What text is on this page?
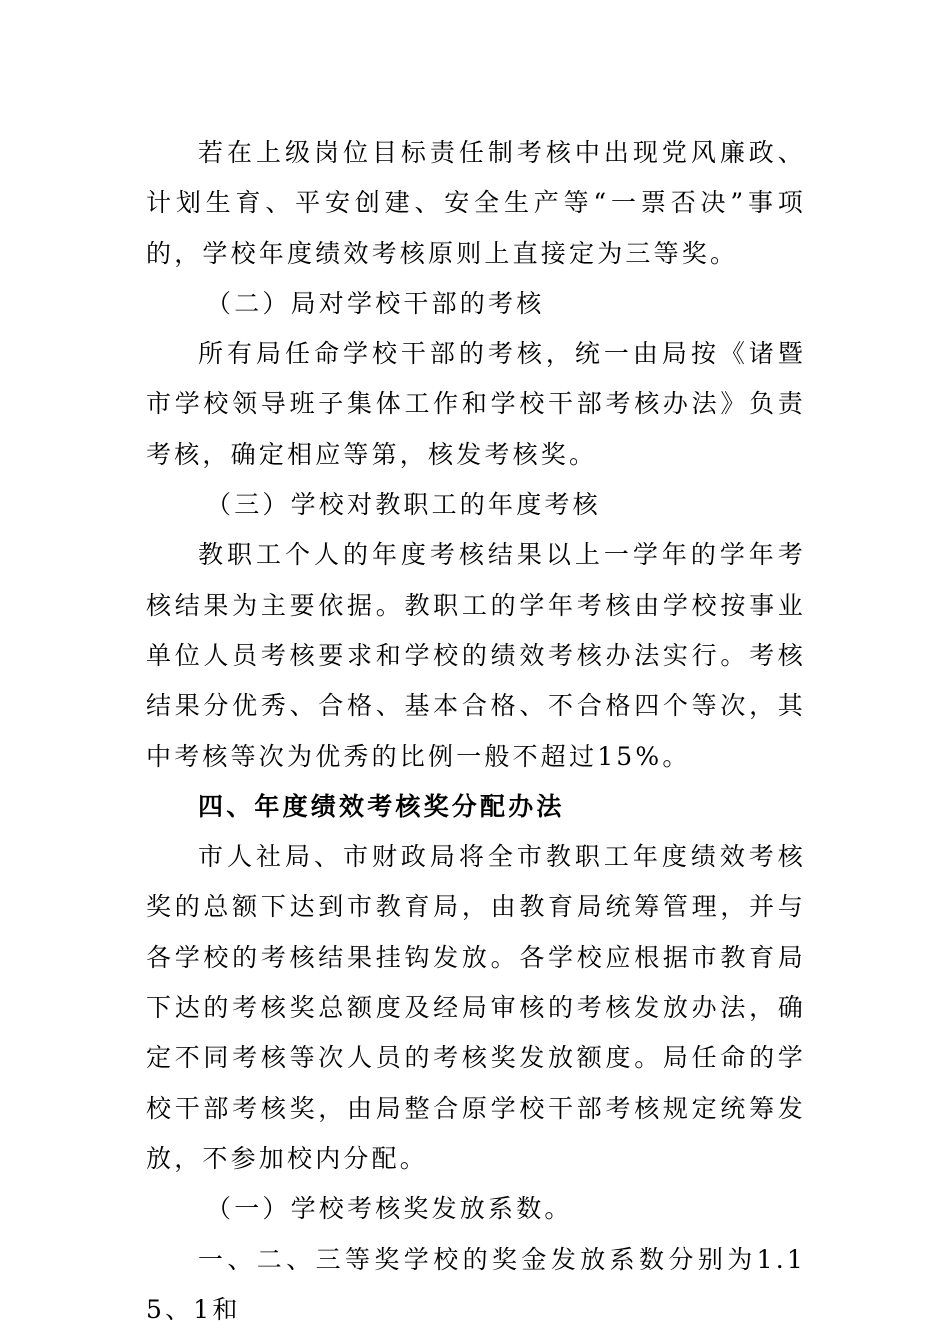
若在上级岗位目标责任制考核中出现党风廉政、计划生育、平安创建、安全生产等“一票否决”事项的，学校年度绩效考核原则上直接定为三等奖。

（二）局对学校干部的考核

所有局任命学校干部的考核，统一由局按《诸暨市学校领导班子集体工作和学校干部考核办法》负责考核，确定相应等第，核发考核奖。

（三）学校对教职工的年度考核

教职工个人的年度考核结果以上一学年的学年考核结果为主要依据。教职工的学年考核由学校按事业单位人员考核要求和学校的绩效考核办法实行。考核结果分优秀、合格、基本合格、不合格四个等次，其中考核等次为优秀的比例一般不超过15%。

四、年度绩效考核奖分配办法

市人社局、市财政局将全市教职工年度绩效考核奖的总额下达到市教育局，由教育局统筹管理，并与各学校的考核结果挂钩发放。各学校应根据市教育局下达的考核奖总额度及经局审核的考核发放办法，确定不同考核等次人员的考核奖发放额度。局任命的学校干部考核奖，由局整合原学校干部考核规定统筹发放，不参加校内分配。

（一）学校考核奖发放系数。

一、二、三等奖学校的奖金发放系数分别为1.15、1和
